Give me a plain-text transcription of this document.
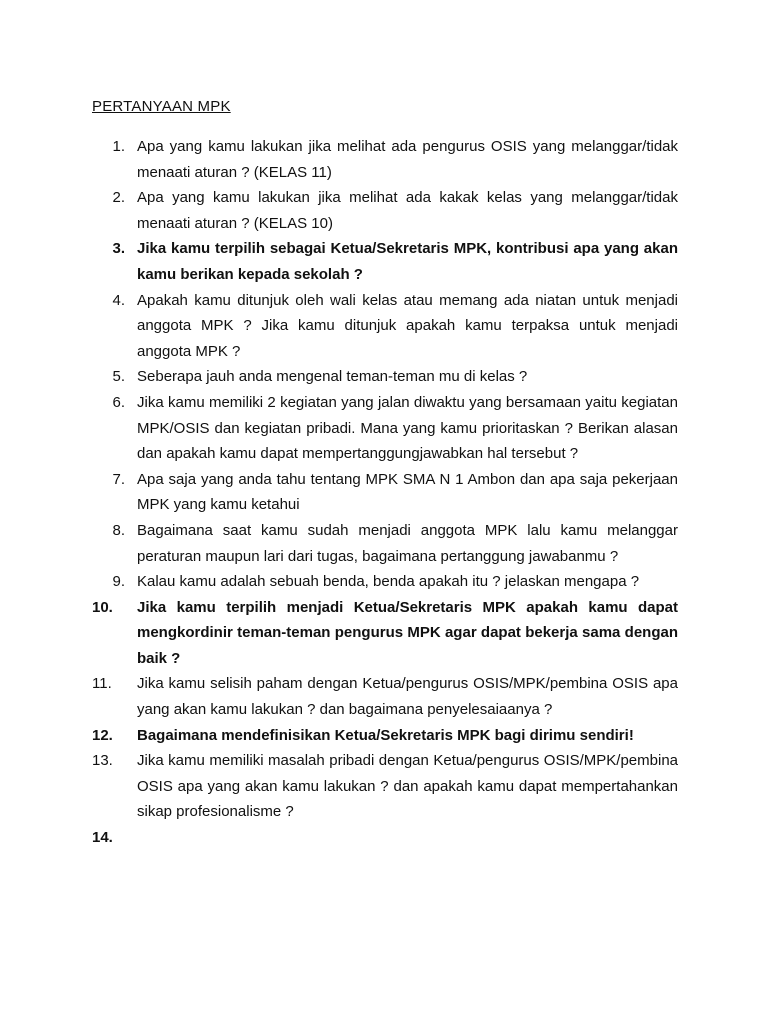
PERTANYAAN MPK
1. Apa yang kamu lakukan jika melihat ada pengurus OSIS yang melanggar/tidak menaati aturan ? (KELAS 11)
2. Apa yang kamu lakukan jika melihat ada kakak kelas yang melanggar/tidak menaati aturan ? (KELAS 10)
3. Jika kamu terpilih sebagai Ketua/Sekretaris MPK, kontribusi apa yang akan kamu berikan kepada sekolah ?
4. Apakah kamu ditunjuk oleh wali kelas atau memang ada niatan untuk menjadi anggota MPK ? Jika kamu ditunjuk apakah kamu terpaksa untuk menjadi anggota MPK ?
5. Seberapa jauh anda mengenal teman-teman mu di kelas ?
6. Jika kamu memiliki 2 kegiatan yang jalan diwaktu yang bersamaan yaitu kegiatan MPK/OSIS dan kegiatan pribadi. Mana yang kamu prioritaskan ? Berikan alasan dan apakah kamu dapat mempertanggungjawabkan hal tersebut ?
7. Apa saja yang anda tahu tentang MPK SMA N 1 Ambon dan apa saja pekerjaan MPK yang kamu ketahui
8. Bagaimana saat kamu sudah menjadi anggota MPK lalu kamu melanggar peraturan maupun lari dari tugas, bagaimana pertanggung jawabanmu ?
9. Kalau kamu adalah sebuah benda, benda apakah itu ? jelaskan mengapa ?
10.	Jika kamu terpilih menjadi Ketua/Sekretaris MPK apakah kamu dapat mengkordinir teman-teman pengurus MPK agar dapat bekerja sama dengan baik ?
11.	Jika kamu selisih paham dengan Ketua/pengurus OSIS/MPK/pembina OSIS apa yang akan kamu lakukan ? dan bagaimana penyelesaiaanya ?
12.	Bagaimana mendefinisikan Ketua/Sekretaris MPK bagi dirimu sendiri!
13.	Jika kamu memiliki masalah pribadi dengan Ketua/pengurus OSIS/MPK/pembina OSIS apa yang akan kamu lakukan ? dan apakah kamu dapat mempertahankan sikap profesionalisme ?
14.
